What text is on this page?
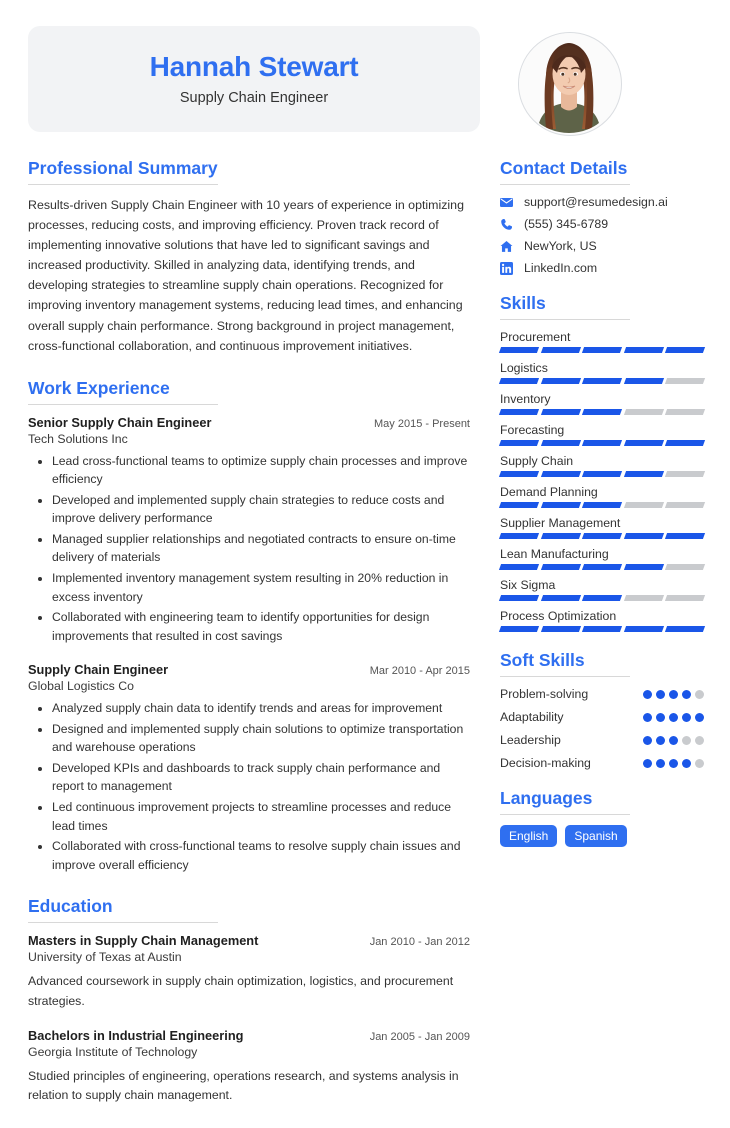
Hannah Stewart
Supply Chain Engineer
Professional Summary
Results-driven Supply Chain Engineer with 10 years of experience in optimizing processes, reducing costs, and improving efficiency. Proven track record of implementing innovative solutions that have led to significant savings and increased productivity. Skilled in analyzing data, identifying trends, and developing strategies to streamline supply chain operations. Recognized for improving inventory management systems, reducing lead times, and enhancing overall supply chain performance. Strong background in project management, cross-functional collaboration, and continuous improvement initiatives.
Work Experience
Senior Supply Chain Engineer	May 2015 - Present
Tech Solutions Inc
• Lead cross-functional teams to optimize supply chain processes and improve efficiency
• Developed and implemented supply chain strategies to reduce costs and improve delivery performance
• Managed supplier relationships and negotiated contracts to ensure on-time delivery of materials
• Implemented inventory management system resulting in 20% reduction in excess inventory
• Collaborated with engineering team to identify opportunities for design improvements that resulted in cost savings
Supply Chain Engineer	Mar 2010 - Apr 2015
Global Logistics Co
• Analyzed supply chain data to identify trends and areas for improvement
• Designed and implemented supply chain solutions to optimize transportation and warehouse operations
• Developed KPIs and dashboards to track supply chain performance and report to management
• Led continuous improvement projects to streamline processes and reduce lead times
• Collaborated with cross-functional teams to resolve supply chain issues and improve overall efficiency
Education
Masters in Supply Chain Management	Jan 2010 - Jan 2012
University of Texas at Austin
Advanced coursework in supply chain optimization, logistics, and procurement strategies.
Bachelors in Industrial Engineering	Jan 2005 - Jan 2009
Georgia Institute of Technology
Studied principles of engineering, operations research, and systems analysis in relation to supply chain management.
Contact Details
support@resumedesign.ai
(555) 345-6789
NewYork, US
LinkedIn.com
Skills
Procurement
Logistics
Inventory
Forecasting
Supply Chain
Demand Planning
Supplier Management
Lean Manufacturing
Six Sigma
Process Optimization
Soft Skills
Problem-solving
Adaptability
Leadership
Decision-making
Languages
English	Spanish
